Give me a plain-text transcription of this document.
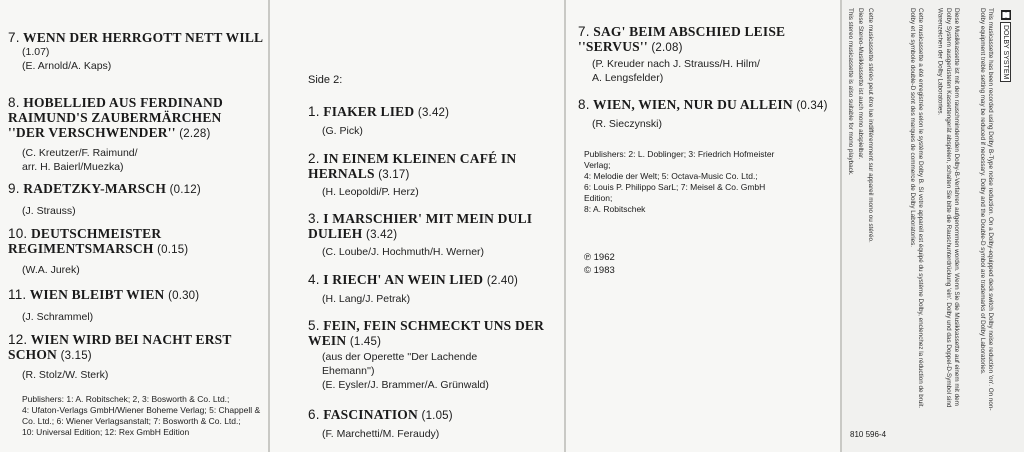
7. WENN DER HERRGOTT NETT WILL
(1.07)
(E. Arnold/A. Kaps)
8. HOBELLIED AUS FERDINAND
RAIMUND'S ZAUBERMÄRCHEN
''DER VERSCHWENDER'' (2.28)
(C. Kreutzer/F. Raimund/
arr. H. Baierl/Muezka)
9. RADETZKY-MARSCH (0.12)
(J. Strauss)
10. DEUTSCHMEISTER
REGIMENTSMARSCH (0.15)
(W.A. Jurek)
11. WIEN BLEIBT WIEN (0.30)
(J. Schrammel)
12. WIEN WIRD BEI NACHT ERST
SCHON (3.15)
(R. Stolz/W. Sterk)
Publishers: 1: A. Robitschek; 2, 3: Bosworth & Co. Ltd.;
4: Ufaton-Verlags GmbH/Wiener Boheme Verlag; 5: Chappell &
Co. Ltd.; 6: Wiener Verlagsanstalt; 7: Bosworth & Co. Ltd.;
10: Universal Edition; 12: Rex GmbH Edition
1. FIAKER LIED (3.42)
(G. Pick)
2. IN EINEM KLEINEN CAFÉ IN
HERNALS (3.17)
(H. Leopoldi/P. Herz)
3. I MARSCHIER' MIT MEIN DULI
DULIEH (3.42)
(C. Loube/J. Hochmuth/H. Werner)
4. I RIECH' AN WEIN LIED (2.40)
(H. Lang/J. Petrak)
5. FEIN, FEIN SCHMECKT UNS DER
WEIN (1.45)
(aus der Operette ''Der Lachende
Ehemann'')
(E. Eysler/J. Brammer/A. Grünwald)
6. FASCINATION (1.05)
(F. Marchetti/M. Feraudy)
Side 2:
7. SAG' BEIM ABSCHIED LEISE
''SERVUS'' (2.08)
(P. Kreuder nach J. Strauss/H. Hilm/
A. Lengsfelder)
8. WIEN, WIEN, NUR DU ALLEIN (0.34)
(R. Sieczynski)
Publishers: 2: L. Doblinger; 3: Friedrich Hofmeister
Verlag;
4: Melodie der Welt; 5: Octava-Music Co. Ltd.;
6: Louis P. Philippo SarL; 7: Meisel & Co. GmbH
Edition;
8: A. Robitschek
℗ 1962
© 1983
This stereo musicassette is also suitable for mono playback. Diese Stereo-Musikkassette ist auch mono abspielbar. Cette musicassette stéréo peut être lue indifféremment sur appareil mono ou stéréo.	Cette musicassette a été enregistrée selon le système Dolby B. Si votre appareil est équipé du système Dolby, enclenchez la réduction de bruit. Dolby et le symbole double-D sont des marques de commerce de Dolby Laboratories.	Diese Musikkassette ist mit dem rauschmindernden Dolby-B-Verfahren aufgenommen worden. Wenn Sie die Musikkassette auf einem mit dem Dolby System ausgerüsteten Kassettengerät abspielen, schalten Sie bitte die Rauschunterdrückung 'ein'. Dolby und das Doppel-D-Symbol sind Warenzeichen der Dolby Laboratories.	This musicassette has been recorded using Dolby B-Type noise reduction. On a Dolby-equipped deck switch Dolby noise reduction 'on'. On non-Dolby equipment treble setting may be reduced if necessary. Dolby and the Double-D symbol are trademarks of Dolby Laboratories.	DOLBY SYSTEM
810 596-4
